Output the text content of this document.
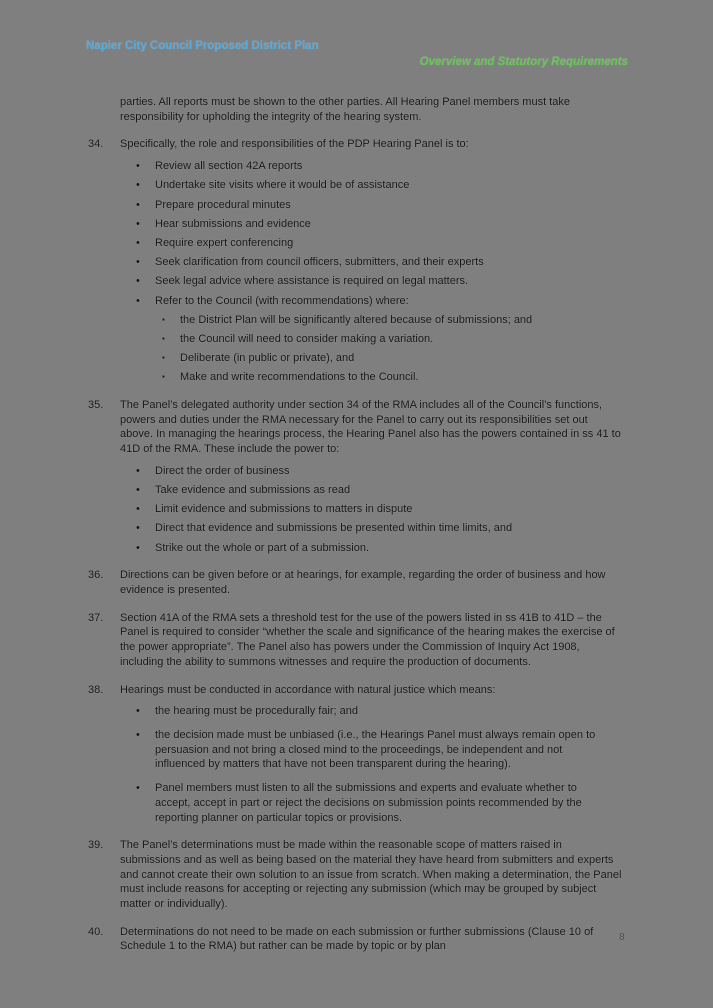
Napier City Council Proposed District Plan
Overview and Statutory Requirements

parties. All reports must be shown to the other parties. All Hearing Panel members must take responsibility for upholding the integrity of the hearing system.

34.	Specifically, the role and responsibilities of the PDP Hearing Panel is to:
• Review all section 42A reports
• Undertake site visits where it would be of assistance
• Prepare procedural minutes
• Hear submissions and evidence
• Require expert conferencing
• Seek clarification from council officers, submitters, and their experts
• Seek legal advice where assistance is required on legal matters.
• Refer to the Council (with recommendations) where:
▪ the District Plan will be significantly altered because of submissions; and
▪ the Council will need to consider making a variation.
▪ Deliberate (in public or private), and
▪ Make and write recommendations to the Council.
35.	The Panel’s delegated authority under section 34 of the RMA includes all of the Council’s functions, powers and duties under the RMA necessary for the Panel to carry out its responsibilities set out above. In managing the hearings process, the Hearing Panel also has the powers contained in ss 41 to 41D of the RMA. These include the power to:
• Direct the order of business
• Take evidence and submissions as read
• Limit evidence and submissions to matters in dispute
• Direct that evidence and submissions be presented within time limits, and
• Strike out the whole or part of a submission.
36.	Directions can be given before or at hearings, for example, regarding the order of business and how evidence is presented.
37.	Section 41A of the RMA sets a threshold test for the use of the powers listed in ss 41B to 41D – the Panel is required to consider “whether the scale and significance of the hearing makes the exercise of the power appropriate”. The Panel also has powers under the Commission of Inquiry Act 1908, including the ability to summons witnesses and require the production of documents.
38.	Hearings must be conducted in accordance with natural justice which means:
• the hearing must be procedurally fair; and
• the decision made must be unbiased (i.e., the Hearings Panel must always remain open to persuasion and not bring a closed mind to the proceedings, be independent and not influenced by matters that have not been transparent during the hearing).
• Panel members must listen to all the submissions and experts and evaluate whether to accept, accept in part or reject the decisions on submission points recommended by the reporting planner on particular topics or provisions.
39.	The Panel’s determinations must be made within the reasonable scope of matters raised in submissions and as well as being based on the material they have heard from submitters and experts and cannot create their own solution to an issue from scratch. When making a determination, the Panel must include reasons for accepting or rejecting any submission (which may be grouped by subject matter or individually).
40.	Determinations do not need to be made on each submission or further submissions (Clause 10 of Schedule 1 to the RMA) but rather can be made by topic or by plan
8
